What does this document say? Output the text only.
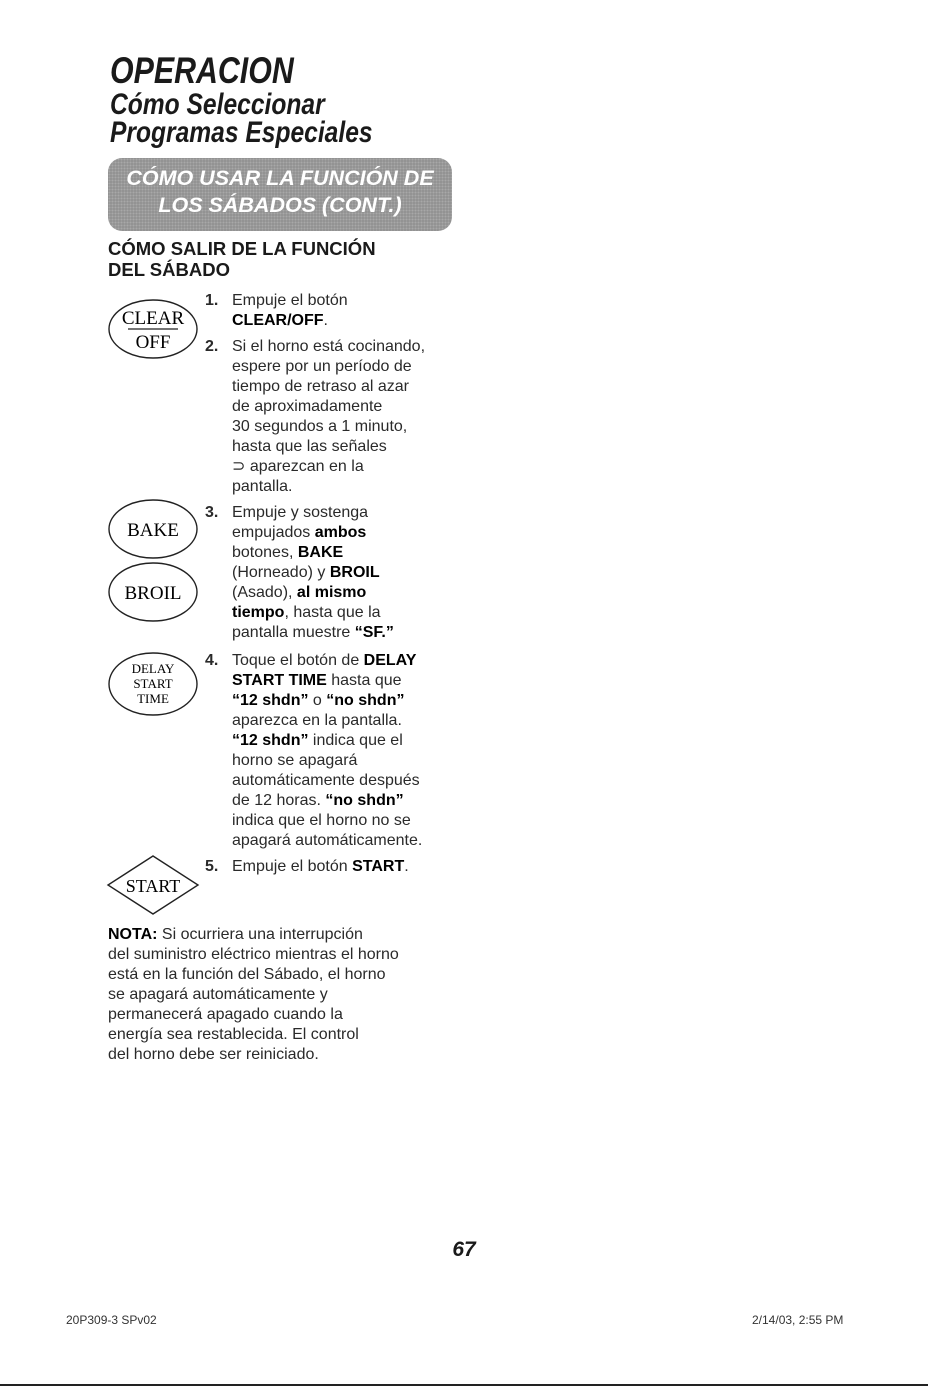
OPERACION
Cómo Seleccionar
Programas Especiales
CÓMO USAR LA FUNCIÓN DE
LOS SÁBADOS (CONT.)
CÓMO SALIR DE LA FUNCIÓN
DEL SÁBADO
CLEAR
OFF
BAKE
BROIL
DELAY
START
TIME
START
1. Empuje el botón
CLEAR/OFF.
2. Si el horno está cocinando,
espere por un período de
tiempo de retraso al azar
de aproximadamente
30 segundos a 1 minuto,
hasta que las señales
⊃ aparezcan en la
pantalla.
3. Empuje y sostenga
empujados ambos
botones, BAKE
(Horneado) y BROIL
(Asado), al mismo
tiempo, hasta que la
pantalla muestre “SF.”
4. Toque el botón de DELAY
START TIME hasta que
“12 shdn” o “no shdn”
aparezca en la pantalla.
“12 shdn” indica que el
horno se apagará
automáticamente después
de 12 horas. “no shdn”
indica que el horno no se
apagará automáticamente.
5. Empuje el botón START.
NOTA: Si ocurriera una interrupción
del suministro eléctrico mientras el horno
está en la función del Sábado, el horno
se apagará automáticamente y
permanecerá apagado cuando la
energía sea restablecida. El control
del horno debe ser reiniciado.
67
20P309-3 SPv02	2/14/03, 2:55 PM
